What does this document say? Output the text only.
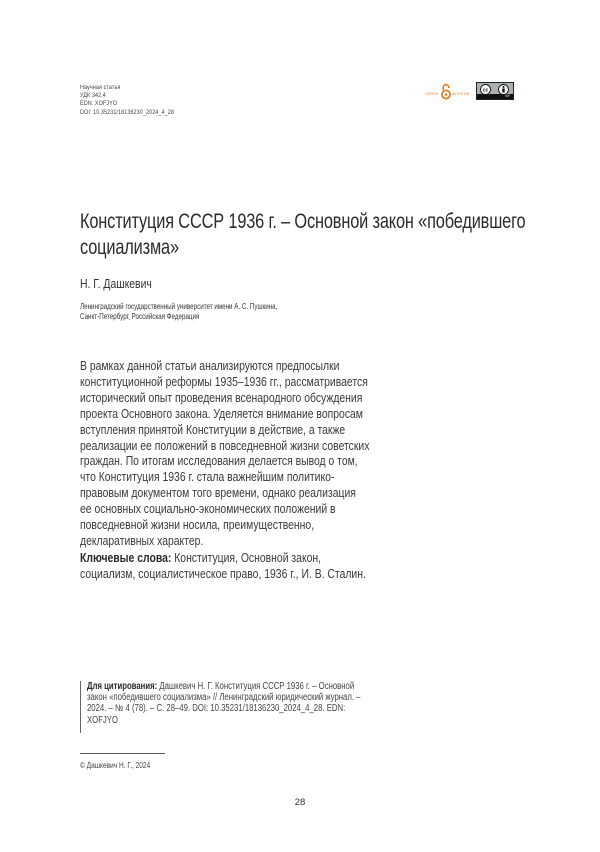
Научная статья
УДК 342.4
EDN: XOFJYO
DOI: 10.35231/18136230_2024_4_28
OPEN	ACCESS
cc
BY
Конституция СССР 1936 г. – Основной закон «победившего социализма»
Н. Г. Дашкевич
Ленинградский государственный университет имени А. С. Пушкина,
Санкт-Петербург, Российская Федерация

В рамках данной статьи анализируются предпосылки конституционной реформы 1935–1936 гг., рассматривается исторический опыт проведения всенародного обсуждения проекта Основного закона. Уделяется внимание вопросам вступления принятой Конституции в действие, а также реализации ее положений в повседневной жизни советских граждан. По итогам исследования делается вывод о том, что Конституция 1936 г. стала важнейшим политико-правовым документом того времени, однако реализация ее основных социально-экономических положений в повседневной жизни носила, преимущественно, декларативных характер.

Ключевые слова: Конституция, Основной закон, социализм, социалистическое право, 1936 г., И. В. Сталин.

Для цитирования: Дашкевич Н. Г. Конституция СССР 1936 г. – Основной закон «победившего социализма» // Ленинградский юридический журнал. – 2024. – № 4 (78). – С. 28–49. DOI: 10.35231/18136230_2024_4_28. EDN: XOFJYO
© Дашкевич Н. Г., 2024
28
